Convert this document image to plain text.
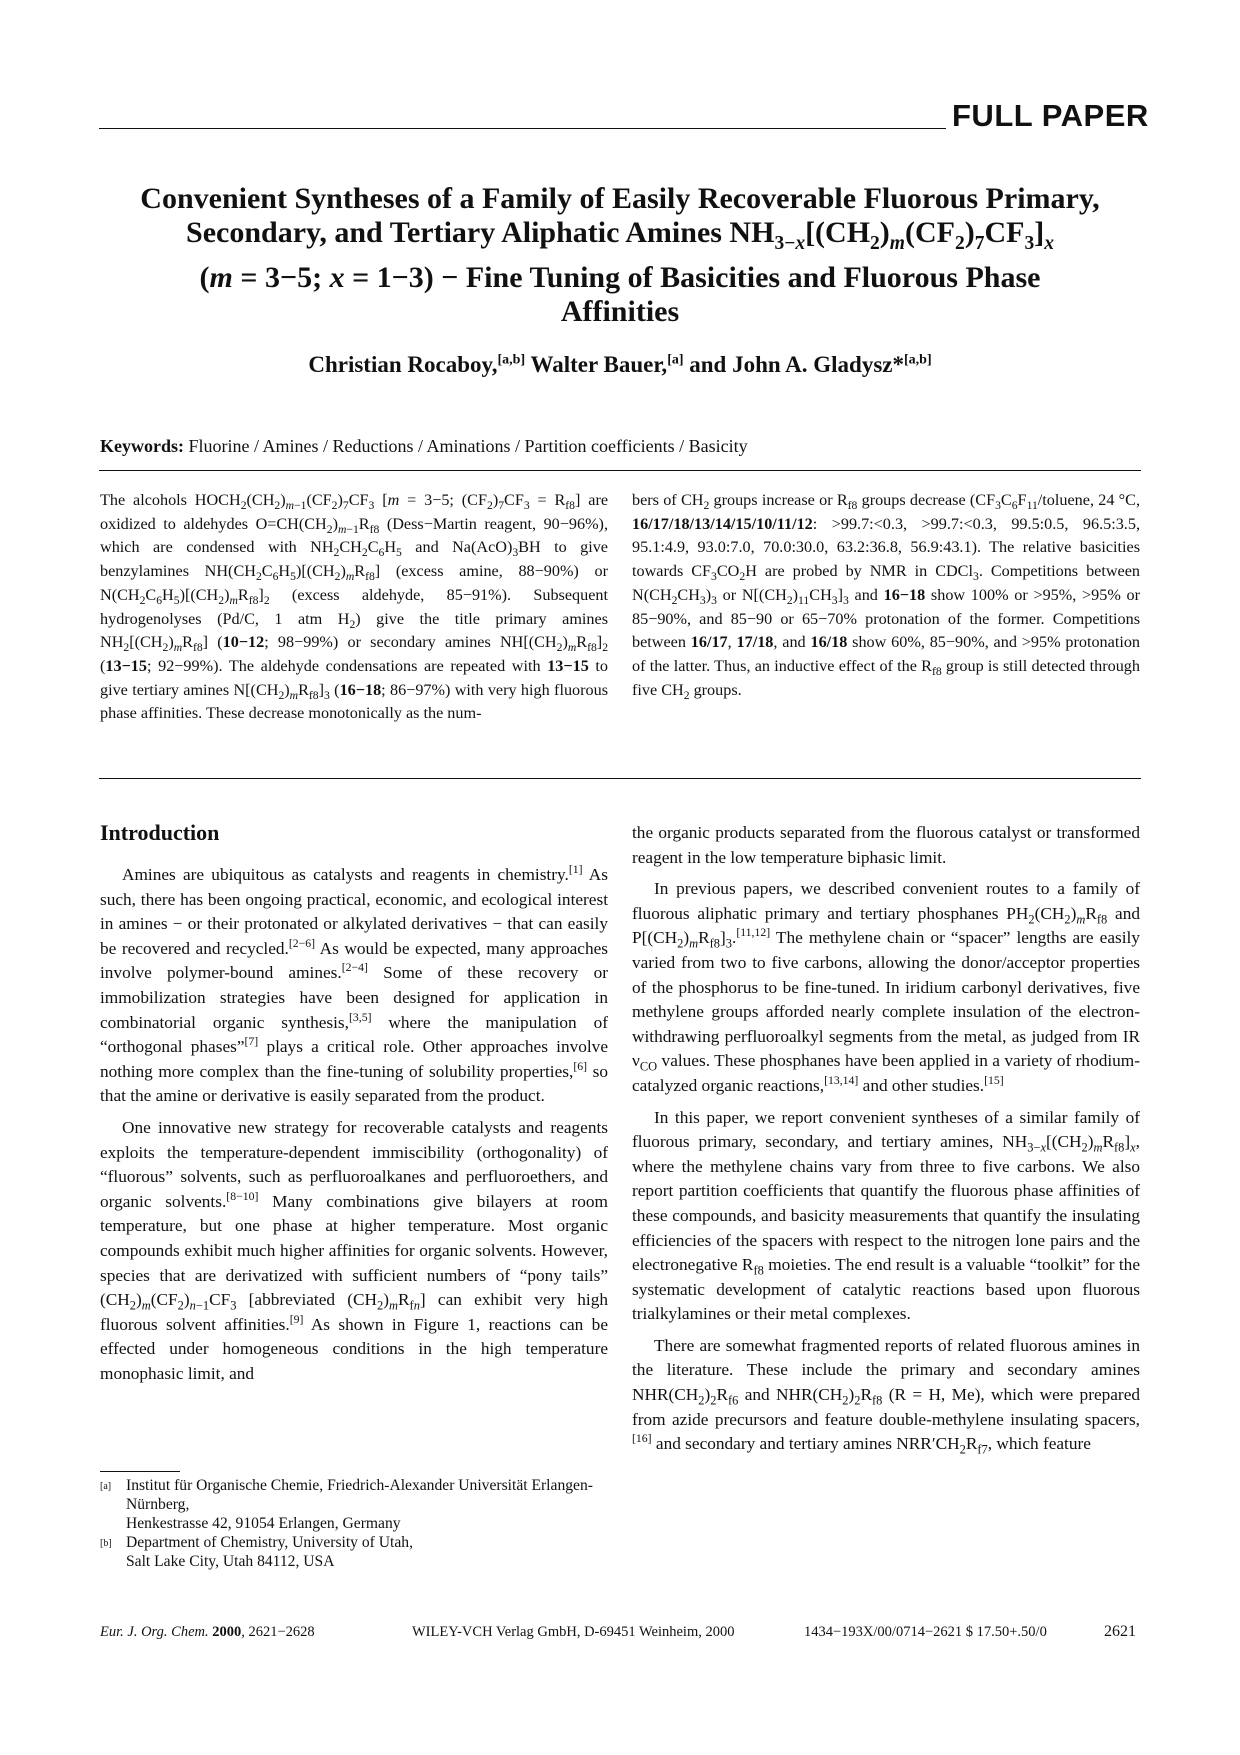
FULL PAPER
Convenient Syntheses of a Family of Easily Recoverable Fluorous Primary,
Secondary, and Tertiary Aliphatic Amines $NH_{3-x}[(CH_2)_m(CF_2)_7CF_3]_x$
(m = 3−5; x = 1−3) − Fine Tuning of Basicities and Fluorous Phase
Affinities
Christian Rocaboy,[a,b] Walter Bauer,[a] and John A. Gladysz*[a,b]
Keywords: Fluorine / Amines / Reductions / Aminations / Partition coefficients / Basicity

The alcohols $HOCH_2(CH_2)_{m-1}(CF_2)_7CF_3$ [m = 3−5; $(CF_2)_7CF_3 = R_{f8}$] are oxidized to aldehydes $O=CH(CH_2)_{m-1}R_{f8}$ (Dess−Martin reagent, 90−96%), which are condensed with $NH_2CH_2C_6H_5$ and $Na(AcO)_3BH$ to give benzylamines $NH(CH_2C_6H_5)[(CH_2)_mR_{f8}]$ (excess amine, 88−90%) or $N(CH_2C_6H_5)[(CH_2)_mR_{f8}]_2$ (excess aldehyde, 85−91%). Subsequent hydrogenolyses (Pd/C, 1 atm $H_2$) give the title primary amines $NH_2[(CH_2)_mR_{f8}]$ (10−12; 98−99%) or secondary amines $NH[(CH_2)_mR_{f8}]_2$ (13−15; 92−99%). The aldehyde condensations are repeated with 13−15 to give tertiary amines $N[(CH_2)_mR_{f8}]_3$ (16−18; 86−97%) with very high fluorous phase affinities. These decrease monotonically as the num-

bers of $CH_2$ groups increase or $R_{f8}$ groups decrease ($CF_3C_6F_{11}$/toluene, 24 °C, 16/17/18/13/14/15/10/11/12: >99.7:<0.3, >99.7:<0.3, 99.5:0.5, 96.5:3.5, 95.1:4.9, 93.0:7.0, 70.0:30.0, 63.2:36.8, 56.9:43.1). The relative basicities towards $CF_3CO_2H$ are probed by NMR in CDCl$_3$. Competitions between $N(CH_2CH_3)_3$ or $N[(CH_2)_{11}CH_3]_3$ and 16−18 show 100% or >95%, >95% or 85−90%, and 85−90 or 65−70% protonation of the former. Competitions between 16/17, 17/18, and 16/18 show 60%, 85−90%, and >95% protonation of the latter. Thus, an inductive effect of the $R_{f8}$ group is still detected through five $CH_2$ groups.

Introduction

Amines are ubiquitous as catalysts and reagents in chemistry.[1] As such, there has been ongoing practical, economic, and ecological interest in amines − or their protonated or alkylated derivatives − that can easily be recovered and recycled.[2−6] As would be expected, many approaches involve polymer-bound amines.[2−4] Some of these recovery or immobilization strategies have been designed for application in combinatorial organic synthesis,[3,5] where the manipulation of “orthogonal phases”[7] plays a critical role. Other approaches involve nothing more complex than the fine-tuning of solubility properties,[6] so that the amine or derivative is easily separated from the product.

One innovative new strategy for recoverable catalysts and reagents exploits the temperature-dependent immiscibility (orthogonality) of “fluorous” solvents, such as perfluoroalkanes and perfluoroethers, and organic solvents.[8−10] Many combinations give bilayers at room temperature, but one phase at higher temperature. Most organic compounds exhibit much higher affinities for organic solvents. However, species that are derivatized with sufficient numbers of “pony tails” $(CH_2)_m(CF_2)_{n-1}CF_3$ [abbreviated $(CH_2)_mR_{fn}$] can exhibit very high fluorous solvent affinities.[9] As shown in Figure 1, reactions can be effected under homogeneous conditions in the high temperature monophasic limit, and

the organic products separated from the fluorous catalyst or transformed reagent in the low temperature biphasic limit.

In previous papers, we described convenient routes to a family of fluorous aliphatic primary and tertiary phosphanes $PH_2(CH_2)_mR_{f8}$ and $P[(CH_2)_mR_{f8}]_3.[11,12]$ The methylene chain or “spacer” lengths are easily varied from two to five carbons, allowing the donor/acceptor properties of the phosphorus to be fine-tuned. In iridium carbonyl derivatives, five methylene groups afforded nearly complete insulation of the electron-withdrawing perfluoroalkyl segments from the metal, as judged from IR $\nu_{CO}$ values. These phosphanes have been applied in a variety of rhodium-catalyzed organic reactions,[13,14] and other studies.[15]

In this paper, we report convenient syntheses of a similar family of fluorous primary, secondary, and tertiary amines, $NH_{3-x}[(CH_2)_mR_{f8}]_x$, where the methylene chains vary from three to five carbons. We also report partition coefficients that quantify the fluorous phase affinities of these compounds, and basicity measurements that quantify the insulating efficiencies of the spacers with respect to the nitrogen lone pairs and the electronegative $R_{f8}$ moieties. The end result is a valuable “toolkit” for the systematic development of catalytic reactions based upon fluorous trialkylamines or their metal complexes.

There are somewhat fragmented reports of related fluorous amines in the literature. These include the primary and secondary amines $NHR(CH_2)_2R_{f6}$ and $NHR(CH_2)_2R_{f8}$ (R = H, Me), which were prepared from azide precursors and feature double-methylene insulating spacers,[16] and secondary and tertiary amines $NRR'CH_2R_{f7}$, which feature

[a] Institut für Organische Chemie, Friedrich-Alexander Universität Erlangen-Nürnberg,
Henkestrasse 42, 91054 Erlangen, Germany
[b] Department of Chemistry, University of Utah,
Salt Lake City, Utah 84112, USA
Eur. J. Org. Chem. 2000, 2621−2628	WILEY-VCH Verlag GmbH, D-69451 Weinheim, 2000	1434−193X/00/0714−2621 $ 17.50+.50/0	2621
